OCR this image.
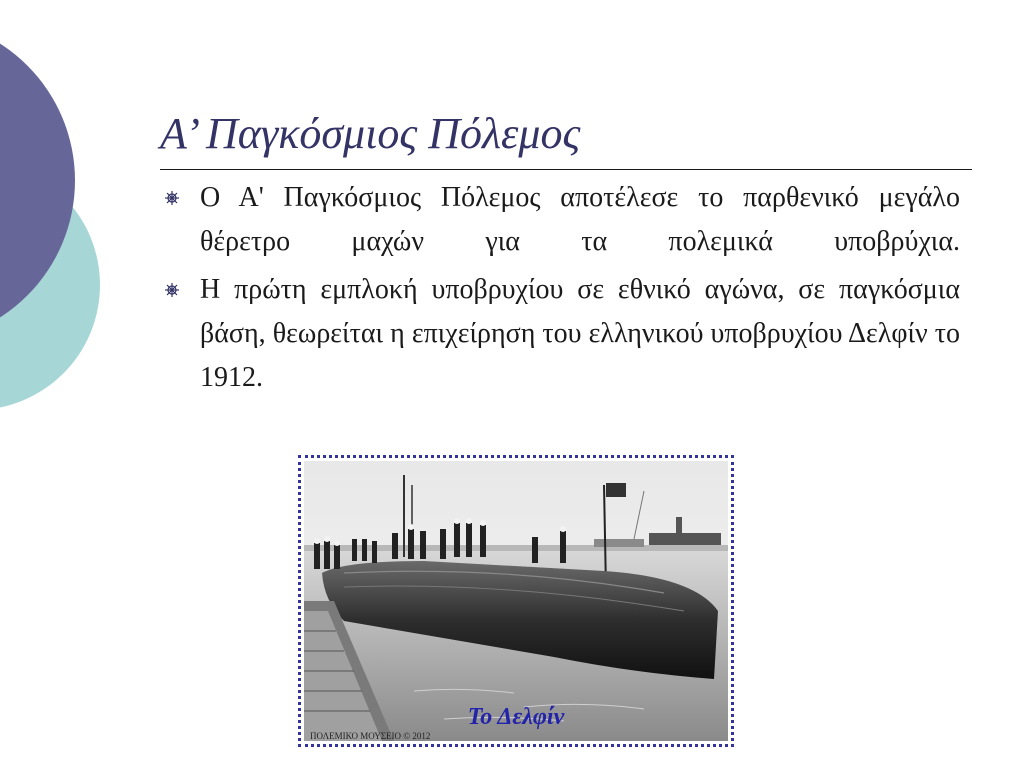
Α’ Παγκόσμιος Πόλεμος
Ο Α' Παγκόσμιος Πόλεμος αποτέλεσε το παρθενικό μεγάλο θέρετρο μαχών για τα πολεμικά υποβρύχια.
Η πρώτη εμπλοκή υποβρυχίου σε εθνικό αγώνα, σε παγκόσμια βάση, θεωρείται η επιχείρηση του ελληνικού υποβρυχίου Δελφίν το 1912.
Το Δελφίν
ΠΟΛΕΜΙΚΟ ΜΟΥΣΕΙΟ © 2012
